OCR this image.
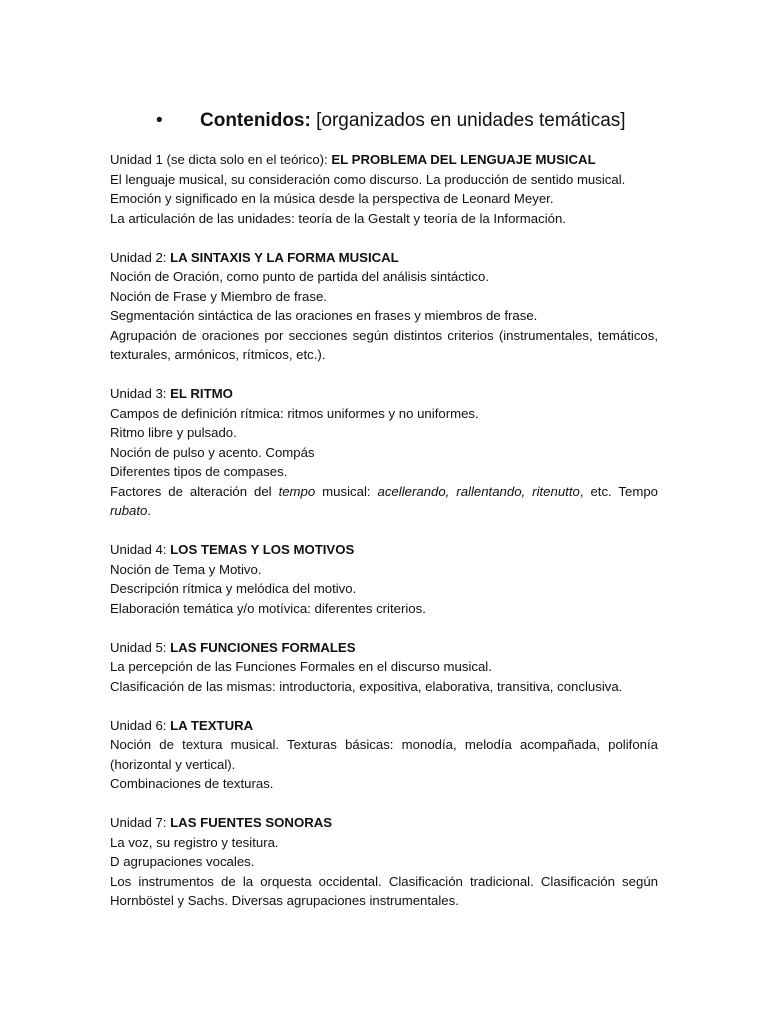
• Contenidos: [organizados en unidades temáticas]
Unidad 1 (se dicta solo en el teórico): EL PROBLEMA DEL LENGUAJE MUSICAL
El lenguaje musical, su consideración como discurso. La producción de sentido musical.
Emoción y significado en la música desde la perspectiva de Leonard Meyer.
La articulación de las unidades: teoría de la Gestalt y teoría de la Información.
Unidad 2: LA SINTAXIS Y LA FORMA MUSICAL
Noción de Oración, como punto de partida del análisis sintáctico.
Noción de Frase y Miembro de frase.
Segmentación sintáctica de las oraciones en frases y miembros de frase.
Agrupación de oraciones por secciones según distintos criterios (instrumentales, temáticos, texturales, armónicos, rítmicos, etc.).
Unidad 3: EL RITMO
Campos de definición rítmica: ritmos uniformes y no uniformes.
Ritmo libre y pulsado.
Noción de pulso y acento. Compás
Diferentes tipos de compases.
Factores de alteración del tempo musical: acellerando, rallentando, ritenutto, etc. Tempo rubato.
Unidad 4: LOS TEMAS Y LOS MOTIVOS
Noción de Tema y Motivo.
Descripción rítmica y melódica del motivo.
Elaboración temática y/o motívica: diferentes criterios.
Unidad 5: LAS FUNCIONES FORMALES
La percepción de las Funciones Formales en el discurso musical.
Clasificación de las mismas: introductoria, expositiva, elaborativa, transitiva, conclusiva.
Unidad 6: LA TEXTURA
Noción de textura musical. Texturas básicas: monodía, melodía acompañada, polifonía (horizontal y vertical).
Combinaciones de texturas.
Unidad 7: LAS FUENTES SONORAS
La voz, su registro y tesitura.
D agrupaciones vocales.
Los instrumentos de la orquesta occidental. Clasificación tradicional. Clasificación según Hornböstel y Sachs. Diversas agrupaciones instrumentales.
